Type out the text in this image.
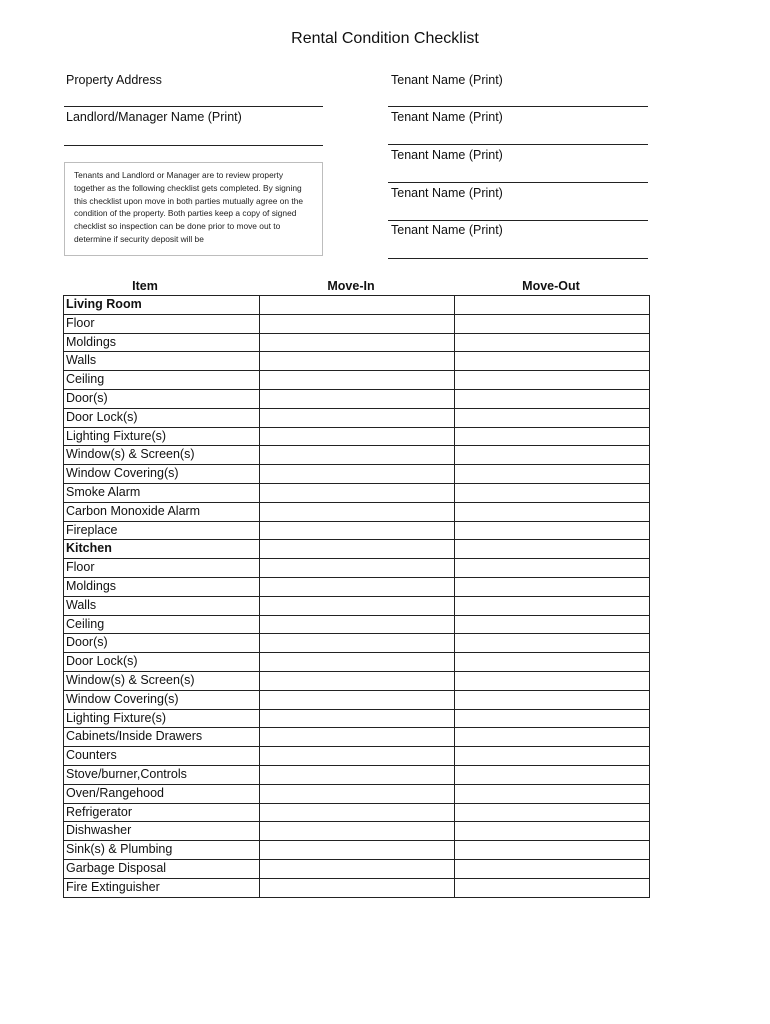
Rental Condition Checklist
Property Address
Landlord/Manager Name (Print)
Tenant Name (Print)
Tenant Name (Print)
Tenant Name (Print)
Tenant Name (Print)
Tenant Name (Print)
Tenants and Landlord or Manager are to review property together as the following checklist gets completed. By signing this checklist upon move in both parties mutually agree on the condition of the property. Both parties keep a copy of signed checklist so inspection can be done prior to move out to determine if security deposit will be
Item	Move-In	Move-Out
Living Room		
Floor		
Moldings		
Walls		
Ceiling		
Door(s)		
Door Lock(s)		
Lighting Fixture(s)		
Window(s) & Screen(s)		
Window Covering(s)		
Smoke Alarm		
Carbon Monoxide Alarm		
Fireplace		
Kitchen		
Floor		
Moldings		
Walls		
Ceiling		
Door(s)		
Door Lock(s)		
Window(s) & Screen(s)		
Window Covering(s)		
Lighting Fixture(s)		
Cabinets/Inside Drawers		
Counters		
Stove/burner,Controls		
Oven/Rangehood		
Refrigerator		
Dishwasher		
Sink(s) & Plumbing		
Garbage Disposal		
Fire Extinguisher		
